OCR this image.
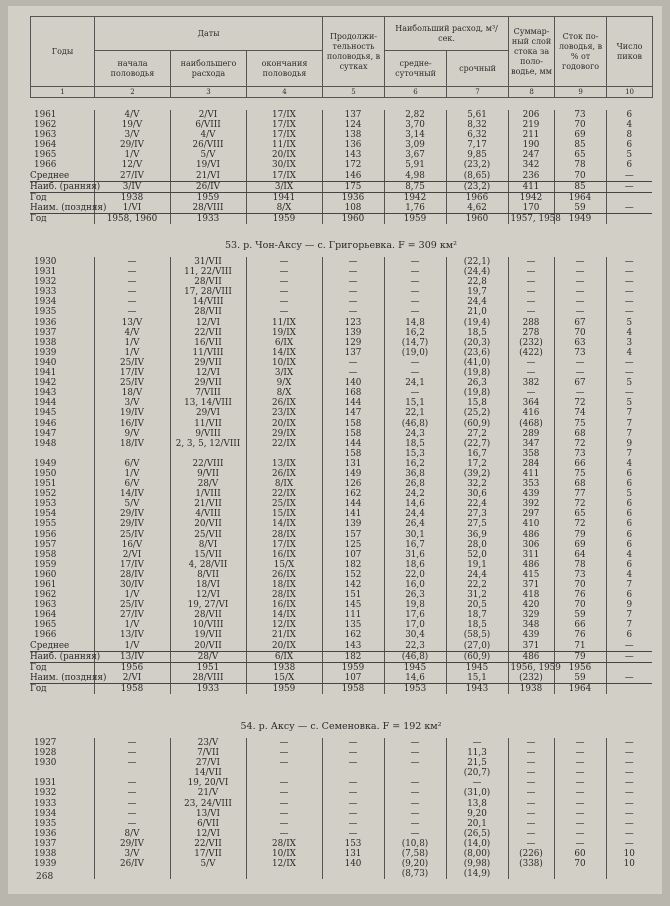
Годы	Даты			Продолжи-тельность половодья, в сутках	Наибольший расход, м³/сек.		Суммар-ный слой стока за поло-водье, мм	Сток по-ловодья, в % от годового	Число пиков
	начала половодья	наибольшего расхода	окончания половодья		средне-суточный	срочный			
1	2	3	4	5	6	7	8	9	10
1961	4/V	2/VI	17/IX	137	2,82	5,61	206	73	6
1962	19/V	6/VIII	17/IX	124	3,70	8,32	219	70	4
1963	3/V	4/V	17/IX	138	3,14	6,32	211	69	8
1964	29/IV	26/VIII	11/IX	136	3,09	7,17	190	85	6
1965	1/V	5/V	20/IX	143	3,67	9,85	247	65	5
1966	12/V	19/VI	30/IX	172	5,91	(23,2)	342	78	6
Среднее	27/IV	21/VI	17/IX	146	4,98	(8,65)	236	70	—
Наиб. (ранняя)	3/IV	26/IV	3/IX	175	8,75	(23,2)	411	85	—
Год	1938	1959	1941	1936	1942	1966	1942	1964	
Наим. (поздняя)	1/VI	28/VIII	8/X	108	1,76	4,62	170	59	—
Год	1958, 1960	1933	1959	1960	1959	1960	1957, 1958	1949	
53. р. Чон-Аксу — с. Григорьевка. F = 309 км²
1930	—	31/VII	—	—	—	(22,1)	—	—	—
1931	—	11, 22/VIII	—	—	—	(24,4)	—	—	—
1932	—	28/VII	—	—	—	22,8	—	—	—
1933	—	17, 28/VIII	—	—	—	19,7	—	—	—
1934	—	14/VIII	—	—	—	24,4	—	—	—
1935	—	28/VII	—	—	—	21,0	—	—	—
1936	13/V	12/VI	11/IX	123	14,8	(19,4)	288	67	5
1937	4/V	22/VII	19/IX	139	16,2	18,5	278	70	4
1938	1/V	16/VII	6/IX	129	(14,7)	(20,3)	(232)	63	3
1939	1/V	11/VIII	14/IX	137	(19,0)	(23,6)	(422)	73	4
1940	25/IV	29/VII	10/IX	—	—	(41,0)	—	—	—
1941	17/IV	12/VI	3/IX	—	—	(19,8)	—	—	—
1942	25/IV	29/VII	9/X	140	24,1	26,3	382	67	5
1943	18/V	7/VIII	8/X	168	—	(19,8)	—	—	—
1944	3/V	13, 14/VIII	26/IX	144	15,1	15,8	364	72	5
1945	19/IV	29/VI	23/IX	147	22,1	(25,2)	416	74	7
1946	16/IV	11/VII	20/IX	158	(46,8)	(60,9)	(468)	75	7
1947	9/V	9/VIII	29/IX	158	24,3	27,2	289	68	7
1948	18/IV	2, 3, 5, 12/VIII	22/IX	144	18,5	(22,7)	347	72	9
				158	15,3	16,7	358	73	7
1949	6/V	22/VIII	13/IX	131	16,2	17,2	284	66	4
1950	1/V	9/VII	26/IX	149	36,8	(39,2)	411	75	6
1951	6/V	28/V	8/IX	126	26,8	32,2	353	68	6
1952	14/IV	1/VIII	22/IX	162	24,2	30,6	439	77	5
1953	5/V	21/VII	25/IX	144	14,6	22,4	392	72	6
1954	29/IV	4/VIII	15/IX	141	24,4	27,3	297	65	6
1955	29/IV	20/VII	14/IX	139	26,4	27,5	410	72	6
1956	25/IV	25/VII	28/IX	157	30,1	36,9	486	79	6
1957	16/V	8/VI	17/IX	125	16,7	28,0	306	69	6
1958	2/VI	15/VII	16/IX	107	31,6	52,0	311	64	4
1959	17/IV	4, 28/VII	15/X	182	18,6	19,1	486	78	6
1960	28/IV	8/VII	26/IX	152	22,0	24,4	415	73	4
1961	30/IV	18/VI	18/IX	142	16,0	22,2	371	70	7
1962	1/V	12/VI	28/IX	151	26,3	31,2	418	76	6
1963	25/IV	19, 27/VI	16/IX	145	19,8	20,5	420	70	9
1964	27/IV	28/VII	14/IX	111	17,6	18,7	329	59	7
1965	1/V	10/VIII	12/IX	135	17,0	18,5	348	66	7
1966	13/IV	19/VII	21/IX	162	30,4	(58,5)	439	76	6
Среднее	1/V	20/VII	20/IX	143	22,3	(27,0)	371	71	—
Наиб. (ранняя)	13/IV	28/V	6/IX	182	(46,8)	(60,9)	486	79	—
Год	1956	1951	1938	1959	1945	1945	1956, 1959	1956	
Наим. (поздняя)	2/VI	28/VIII	15/X	107	14,6	15,1	(232)	59	—
Год	1958	1933	1959	1958	1953	1943	1938	1964	
54. р. Аксу — с. Семеновка. F = 192 км²
1927	—	23/V	—	—	—	—	—	—	—
1928	—	7/VII	—	—	—	11,3	—	—	—
1930	—	27/VI	—	—	—	21,5	—	—	—
		14/VII				(20,7)	—	—	—
1931	—	19, 20/VI	—	—	—	—	—	—	—
1932	—	21/V	—	—	—	(31,0)	—	—	—
1933	—	23, 24/VIII	—	—	—	13,8	—	—	—
1934	—	13/VI	—	—	—	9,20	—	—	—
1935	—	6/VII	—	—	—	20,1	—	—	—
1936	8/V	12/VI	—	—	—	(26,5)	—	—	—
1937	29/IV	22/VII	28/IX	153	(10,8)	(14,0)	—	—	—
1938	3/V	17/VII	10/IX	131	(7,58)	(8,00)	(226)	60	10
1939	26/IV	5/V	12/IX	140	(9,20)	(9,98)	(338)	70	10
					(8,73)	(14,9)			
268
